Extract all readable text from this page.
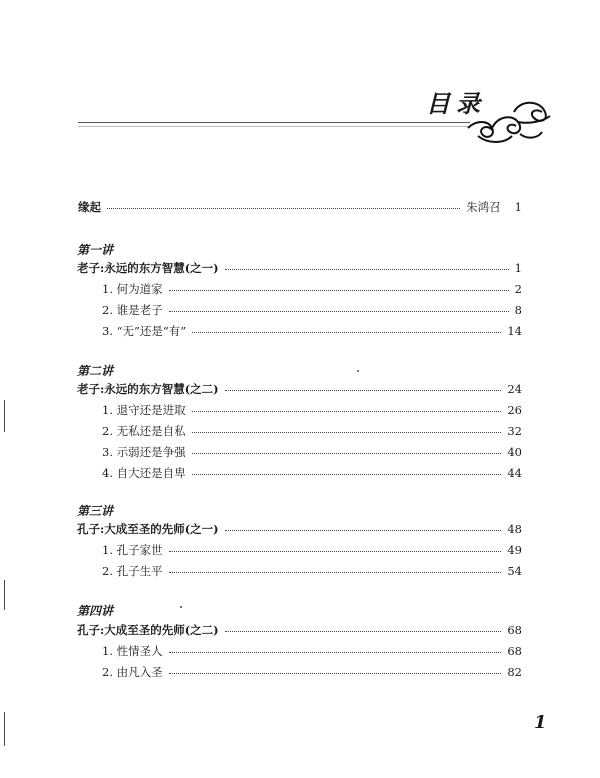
目录
缘起	朱鸿召 1
第一讲
老子:永远的东方智慧(之一)	1
1. 何为道家	2
2. 谁是老子	8
3. “无”还是“有”	14
第二讲
老子:永远的东方智慧(之二)	24
1. 退守还是进取	26
2. 无私还是自私	32
3. 示弱还是争强	40
4. 自大还是自卑	44
第三讲
孔子:大成至圣的先师(之一)	48
1. 孔子家世	49
2. 孔子生平	54
第四讲
孔子:大成至圣的先师(之二)	68
1. 性情圣人	68
2. 由凡入圣	82
1
